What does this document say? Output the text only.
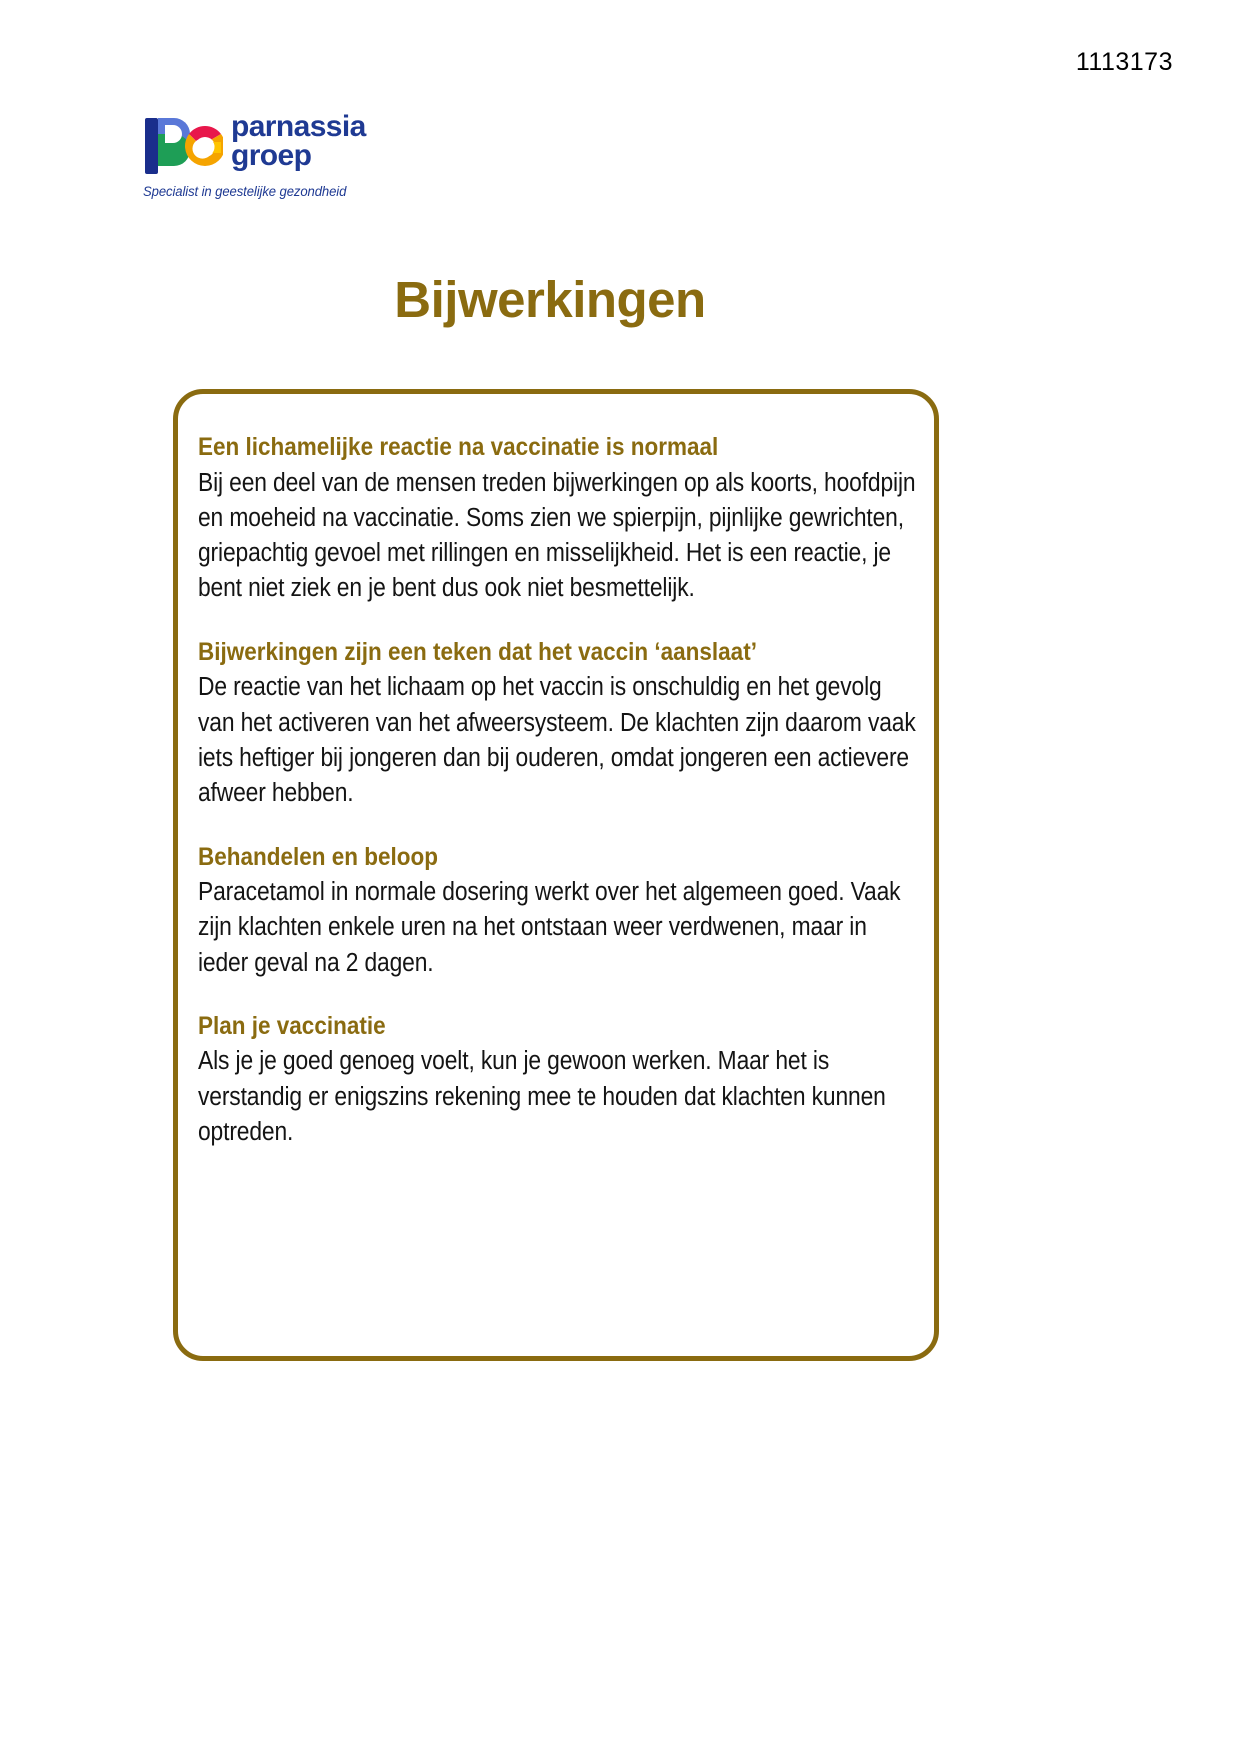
1113173
parnassia
groep
Specialist in geestelijke gezondheid
Bijwerkingen
Een lichamelijke reactie na vaccinatie is normaal

Bij een deel van de mensen treden bijwerkingen op als koorts, hoofdpijn en moeheid na vaccinatie. Soms zien we spierpijn, pijnlijke gewrichten, griepachtig gevoel met rillingen en misselijkheid. Het is een reactie, je bent niet ziek en je bent dus ook niet besmettelijk.

Bijwerkingen zijn een teken dat het vaccin ‘aanslaat’

De reactie van het lichaam op het vaccin is onschuldig en het gevolg van het activeren van het afweersysteem. De klachten zijn daarom vaak iets heftiger bij jongeren dan bij ouderen, omdat jongeren een actievere afweer hebben.

Behandelen en beloop

Paracetamol in normale dosering werkt over het algemeen goed. Vaak zijn klachten enkele uren na het ontstaan weer verdwenen, maar in ieder geval na 2 dagen.

Plan je vaccinatie

Als je je goed genoeg voelt, kun je gewoon werken. Maar het is verstandig er enigszins rekening mee te houden dat klachten kunnen optreden.
